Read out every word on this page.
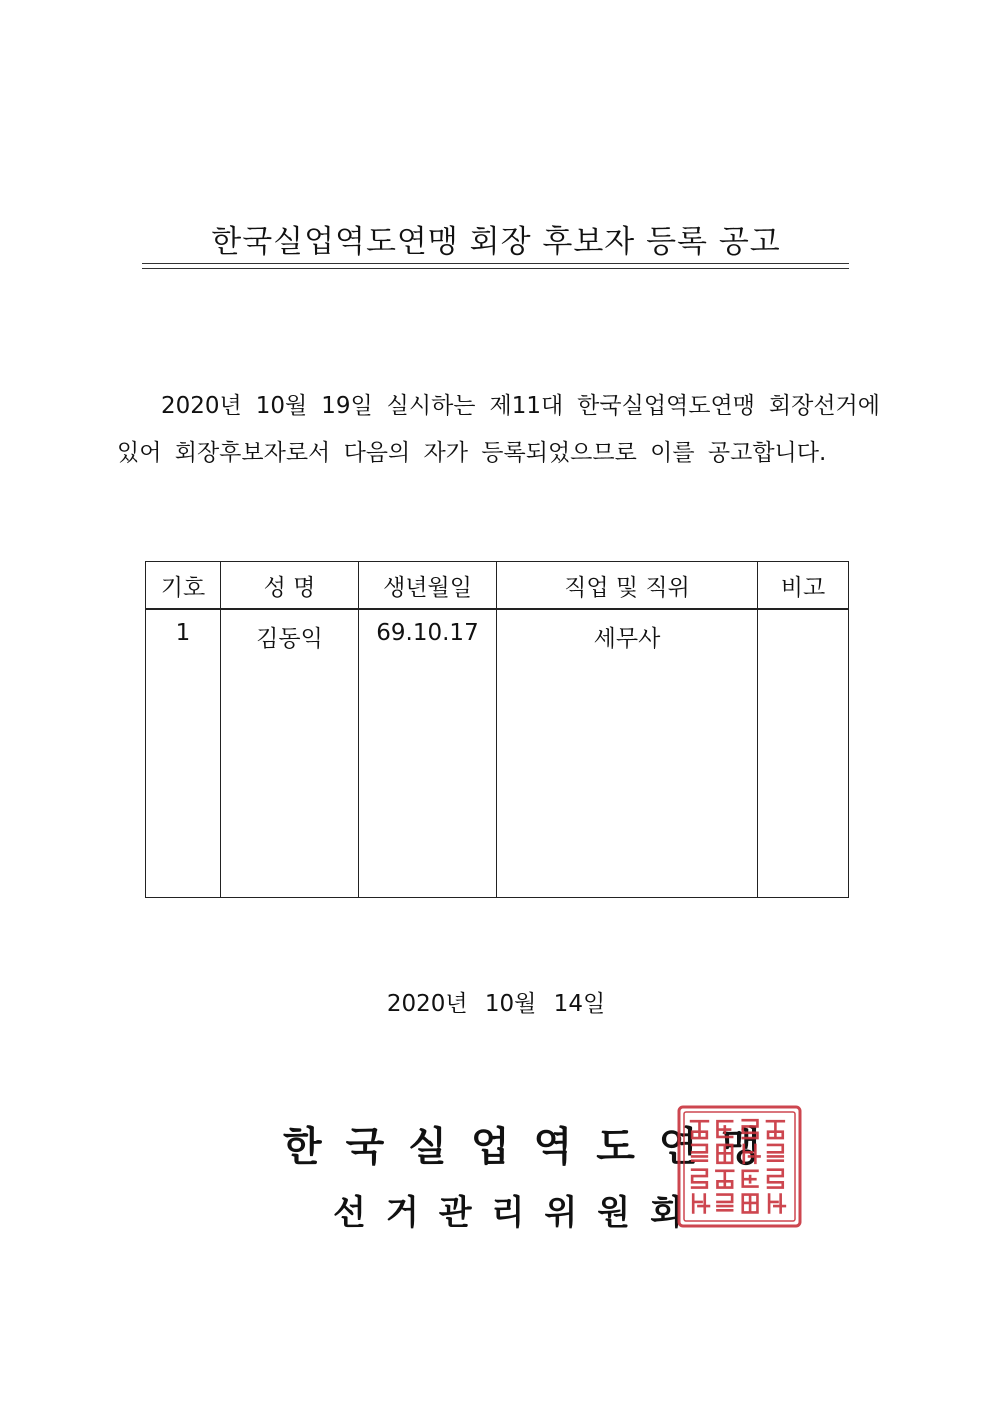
한국실업역도연맹 회장 후보자 등록 공고

2020년 10월 19일 실시하는 제11대 한국실업역도연맹 회장선거에 있어 회장후보자로서 다음의 자가 등록되었으므로 이를 공고합니다.

기호	성 명	생년월일	직업 및 직위	비고
1	김동익	69.10.17	세무사	

2020년 10월 14일

한국실업역도연맹

선거관리위원회
